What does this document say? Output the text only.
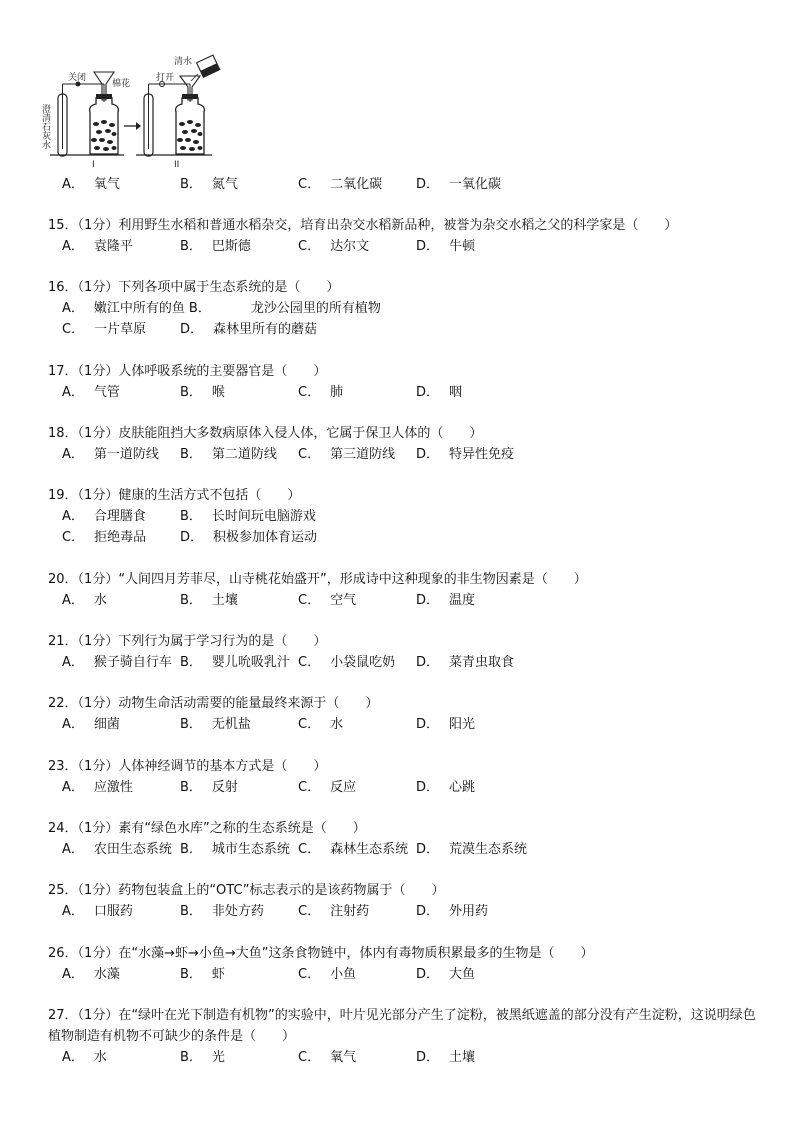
澄清石灰水
关闭
棉花
打开
清水
I	II
A． 氧气	B． 氮气	C． 二氧化碳	D． 一氧化碳
15．（1分）利用野生水稻和普通水稻杂交，培育出杂交水稻新品种，被誉为杂交水稻之父的科学家是（　　）
A． 袁隆平	B． 巴斯德	C． 达尔文	D． 牛顿
16．（1分）下列各项中属于生态系统的是（　　）
A． 嫩江中所有的鱼 B．	龙沙公园里的所有植物
C． 一片草原	D． 森林里所有的蘑菇
17．（1分）人体呼吸系统的主要器官是（　　）
A． 气管	B． 喉	C． 肺	D． 咽
18．（1分）皮肤能阻挡大多数病原体入侵人体，它属于保卫人体的（　　）
A． 第一道防线	B． 第二道防线	C． 第三道防线	D． 特异性免疫
19．（1分）健康的生活方式不包括（　　）
A． 合理膳食	B． 长时间玩电脑游戏
C． 拒绝毒品	D． 积极参加体育运动
20．（1分）“人间四月芳菲尽，山寺桃花始盛开”，形成诗中这种现象的非生物因素是（　　）
A． 水	B． 土壤	C． 空气	D． 温度
21．（1分）下列行为属于学习行为的是（　　）
A． 猴子骑自行车 B． 婴儿吮吸乳汁 C． 小袋鼠吃奶	D． 菜青虫取食
22．（1分）动物生命活动需要的能量最终来源于（　　）
A． 细菌	B． 无机盐	C． 水	D． 阳光
23．（1分）人体神经调节的基本方式是（　　）
A． 应激性	B． 反射	C． 反应	D． 心跳
24．（1分）素有“绿色水库”之称的生态系统是（　　）
A． 农田生态系统 B． 城市生态系统 C． 森林生态系统 D． 荒漠生态系统
25．（1分）药物包装盒上的“OTC”标志表示的是该药物属于（　　）
A． 口服药	B． 非处方药	C． 注射药	D． 外用药
26．（1分）在“水藻→虾→小鱼→大鱼”这条食物链中，体内有毒物质积累最多的生物是（　　）
A． 水藻	B． 虾	C． 小鱼	D． 大鱼
27．（1分）在“绿叶在光下制造有机物”的实验中，叶片见光部分产生了淀粉，被黑纸遮盖的部分没有产生淀粉，这说明绿色植物制造有机物不可缺少的条件是（　　）
A． 水	B． 光	C． 氧气	D． 土壤
